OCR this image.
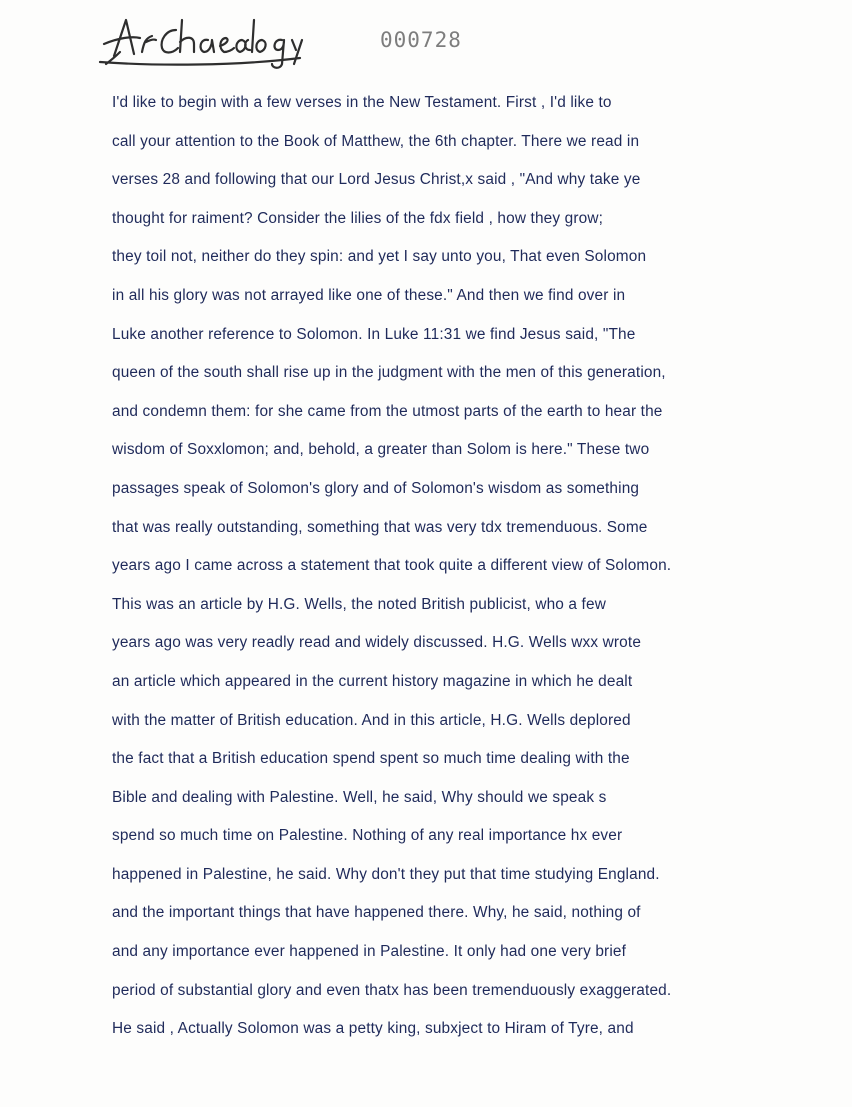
000728
I'd like to begin with a few verses in the New Testament. First , I'd like to
call your attention to the Book of Matthew, the 6th chapter. There we read in
verses 28 and following that our Lord Jesus Christ,x said , "And why take ye
thought for raiment? Consider the lilies of the fdx field , how they grow;
they toil not, neither do they spin: and yet I say unto you, That even Solomon
in all his glory was not arrayed like one of these." And then we find over in
Luke another reference to Solomon. In Luke 11:31 we find Jesus said, "The
queen of the south shall rise up in the judgment with the men of this generation,
and condemn them: for she came from the utmost parts of the earth to hear the
wisdom of Soxxlomon; and, behold, a greater than Solom is here." These two
passages speak of Solomon's glory and of Solomon's wisdom as something
that was really outstanding, something that was very tdx tremenduous. Some
years ago I came across a statement that took quite a different view of Solomon.
This was an article by H.G. Wells, the noted British publicist, who a few
years ago was very readly read and widely discussed. H.G. Wells wxx wrote
an article which appeared in the current history magazine in which he dealt
with the matter of British education. And in this article, H.G. Wells deplored
the fact that a British education spend spent so much time dealing with the
Bible and dealing with Palestine. Well, he said, Why should we speak s
spend so much time on Palestine. Nothing of any real importance hx ever
happened in Palestine, he said. Why don't they put that time studying England.
and the important things that have happened there. Why, he said, nothing of
and any importance ever happened in Palestine. It only had one very brief
period of substantial glory and even thatx has been tremenduously exaggerated.
He said , Actually Solomon was a petty king, subxject to Hiram of Tyre, and
